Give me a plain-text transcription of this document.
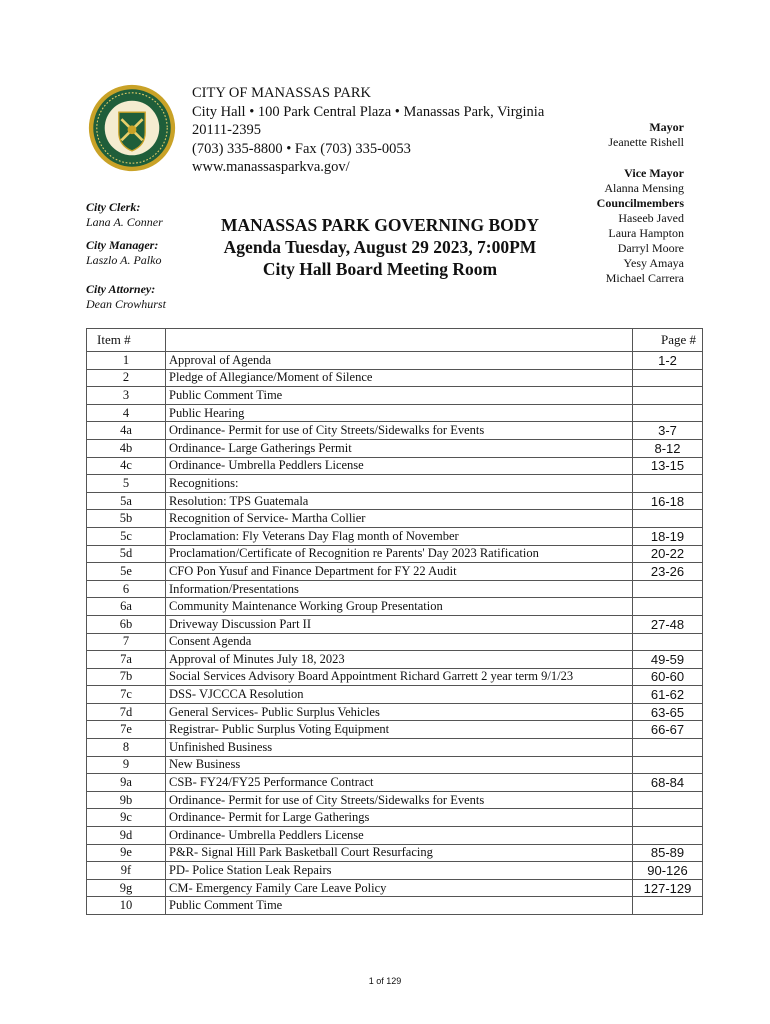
CITY OF MANASSAS PARK
City Hall • 100 Park Central Plaza • Manassas Park, Virginia
20111-2395
(703) 335-8800 • Fax (703) 335-0053
www.manassasparkva.gov/
Mayor
Jeanette Rishell
Vice Mayor
Alanna Mensing
Councilmembers
Haseeb Javed
Laura Hampton
Darryl Moore
Yesy Amaya
Michael Carrera
City Clerk:
Lana A. Conner
City Manager:
Laszlo A. Palko
City Attorney:
Dean Crowhurst
MANASSAS PARK GOVERNING BODY
Agenda Tuesday, August 29 2023, 7:00PM
City Hall Board Meeting Room
Item #		Page #
1	Approval of Agenda	1-2
2	Pledge of Allegiance/Moment of Silence	
3	Public Comment Time	
4	Public Hearing	
4a	Ordinance- Permit for use of City Streets/Sidewalks for Events	3-7
4b	Ordinance- Large Gatherings Permit	8-12
4c	Ordinance- Umbrella Peddlers License	13-15
5	Recognitions:	
5a	Resolution: TPS Guatemala	16-18
5b	Recognition of Service- Martha Collier	
5c	Proclamation: Fly Veterans Day Flag month of November	18-19
5d	Proclamation/Certificate of Recognition re Parents' Day 2023 Ratification	20-22
5e	CFO Pon Yusuf and Finance Department for FY 22 Audit	23-26
6	Information/Presentations	
6a	Community Maintenance Working Group Presentation	
6b	Driveway Discussion Part II	27-48
7	Consent Agenda	
7a	Approval of Minutes July 18, 2023	49-59
7b	Social Services Advisory Board Appointment Richard Garrett 2 year term 9/1/23	60-60
7c	DSS- VJCCCA Resolution	61-62
7d	General Services- Public Surplus Vehicles	63-65
7e	Registrar- Public Surplus Voting Equipment	66-67
8	Unfinished Business	
9	New Business	
9a	CSB- FY24/FY25 Performance Contract	68-84
9b	Ordinance- Permit for use of City Streets/Sidewalks for Events	
9c	Ordinance- Permit for Large Gatherings	
9d	Ordinance- Umbrella Peddlers License	
9e	P&R- Signal Hill Park Basketball Court Resurfacing	85-89
9f	PD- Police Station Leak Repairs	90-126
9g	CM- Emergency Family Care Leave Policy	127-129
10	Public Comment Time	
1 of 129
